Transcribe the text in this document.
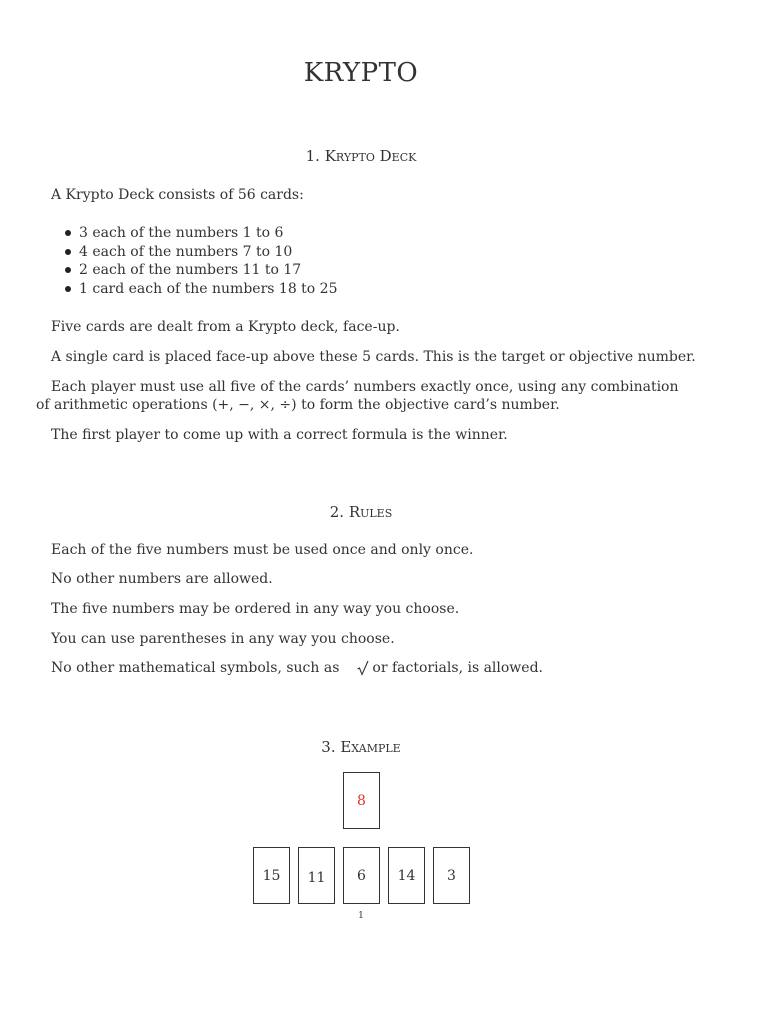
KRYPTO
1. Krypto Deck

A Krypto Deck consists of 56 cards:

3 each of the numbers 1 to 6
4 each of the numbers 7 to 10
2 each of the numbers 11 to 17
1 card each of the numbers 18 to 25

Five cards are dealt from a Krypto deck, face-up.

A single card is placed face-up above these 5 cards. This is the target or objective number.

Each player must use all five of the cards’ numbers exactly once, using any combination of arithmetic operations (+, −, ×, ÷) to form the objective card’s number.

The first player to come up with a correct formula is the winner.

2. Rules

Each of the five numbers must be used once and only once.

No other numbers are allowed.

The five numbers may be ordered in any way you choose.

You can use parentheses in any way you choose.

No other mathematical symbols, such as or factorials, is allowed.

3. Example
8
15	11	6	14	3
1
